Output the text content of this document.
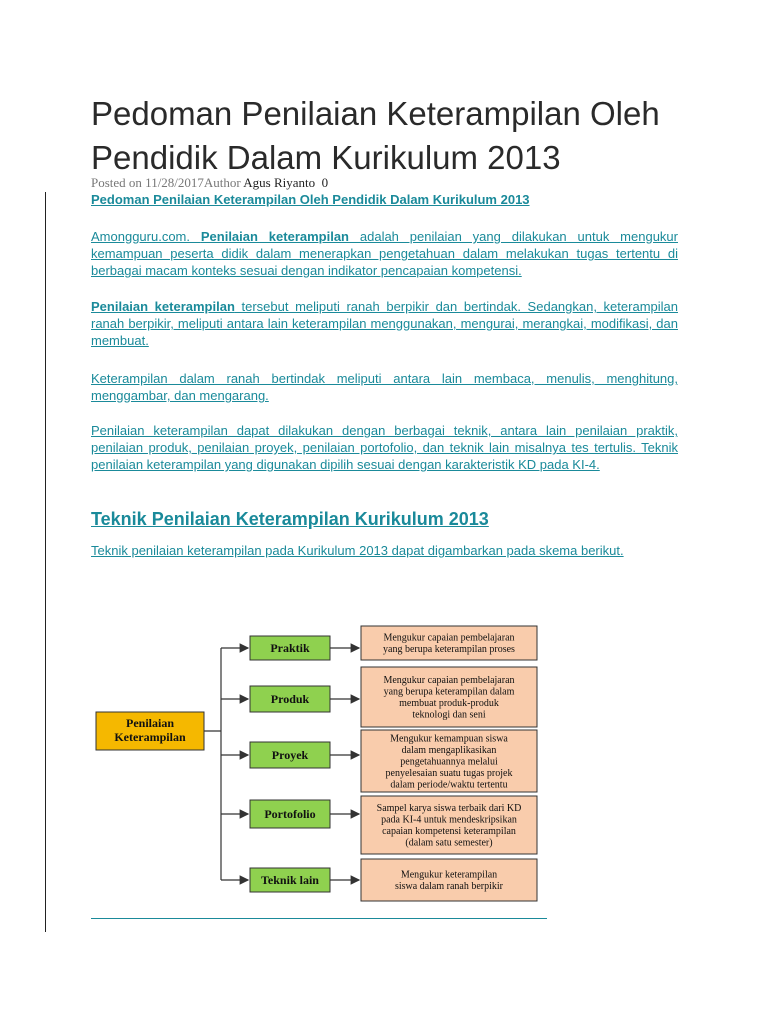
Pedoman Penilaian Keterampilan Oleh Pendidik Dalam Kurikulum 2013
Posted on 11/28/2017Author Agus Riyanto 0
Pedoman Penilaian Keterampilan Oleh Pendidik Dalam Kurikulum 2013

Amongguru.com. Penilaian keterampilan adalah penilaian yang dilakukan untuk mengukur kemampuan peserta didik dalam menerapkan pengetahuan dalam melakukan tugas tertentu di berbagai macam konteks sesuai dengan indikator pencapaian kompetensi.

Penilaian keterampilan tersebut meliputi ranah berpikir dan bertindak. Sedangkan, keterampilan ranah berpikir, meliputi antara lain keterampilan menggunakan, mengurai, merangkai, modifikasi, dan membuat.

Keterampilan dalam ranah bertindak meliputi antara lain membaca, menulis, menghitung, menggambar, dan mengarang.

Penilaian keterampilan dapat dilakukan dengan berbagai teknik, antara lain penilaian praktik, penilaian produk, penilaian proyek, penilaian portofolio, dan teknik lain misalnya tes tertulis. Teknik penilaian keterampilan yang digunakan dipilih sesuai dengan karakteristik KD pada KI-4.

Teknik Penilaian Keterampilan Kurikulum 2013

Teknik penilaian keterampilan pada Kurikulum 2013 dapat digambarkan pada skema berikut.

Penilaian
Keterampilan
Praktik
Mengukur capaian pembelajaran
yang berupa keterampilan proses
Produk
Mengukur capaian pembelajaran
yang berupa keterampilan dalam
membuat produk-produk
teknologi dan seni
Proyek
Mengukur kemampuan siswa
dalam mengaplikasikan
pengetahuannya melalui
penyelesaian suatu tugas projek
dalam periode/waktu tertentu
Portofolio	Sampel karya siswa terbaik dari KD
pada KI-4 untuk mendeskripsikan
capaian kompetensi keterampilan
(dalam satu semester)
Teknik lain	Mengukur keterampilan
siswa dalam ranah berpikir
